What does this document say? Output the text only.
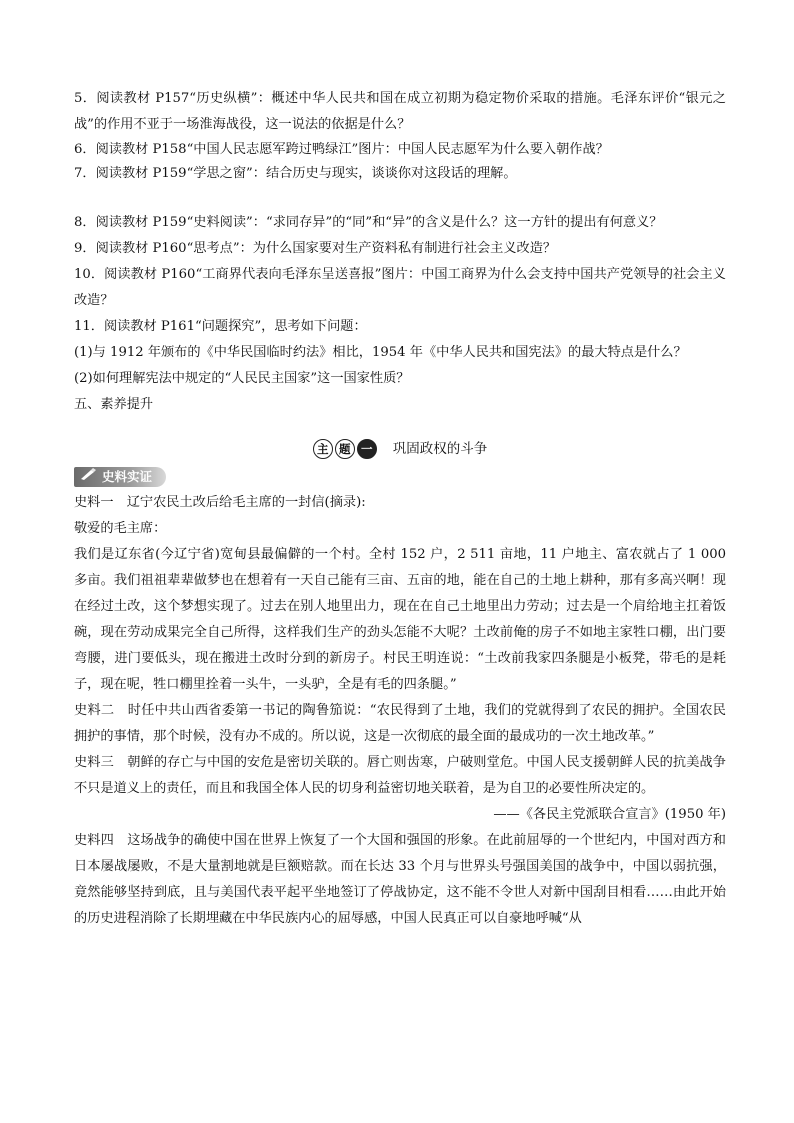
5．阅读教材 P157“历史纵横”：概述中华人民共和国在成立初期为稳定物价采取的措施。毛泽东评价“银元之战”的作用不亚于一场淮海战役，这一说法的依据是什么？

6．阅读教材 P158“中国人民志愿军跨过鸭绿江”图片：中国人民志愿军为什么要入朝作战？

7．阅读教材 P159“学思之窗”：结合历史与现实，谈谈你对这段话的理解。

8．阅读教材 P159“史料阅读”：“求同存异”的“同”和“异”的含义是什么？这一方针的提出有何意义？

9．阅读教材 P160“思考点”：为什么国家要对生产资料私有制进行社会主义改造？

10．阅读教材 P160“工商界代表向毛泽东呈送喜报”图片：中国工商界为什么会支持中国共产党领导的社会主义改造？

11．阅读教材 P161“问题探究”，思考如下问题：

(1)与 1912 年颁布的《中华民国临时约法》相比，1954 年《中华人民共和国宪法》的最大特点是什么？

(2)如何理解宪法中规定的“人民民主国家”这一国家性质？

五、素养提升

主 题 一	巩固政权的斗争
史料实证

史料一　辽宁农民土改后给毛主席的一封信(摘录):

敬爱的毛主席：

我们是辽东省(今辽宁省)宽甸县最偏僻的一个村。全村 152 户，2 511 亩地，11 户地主、富农就占了 1 000 多亩。我们祖祖辈辈做梦也在想着有一天自己能有三亩、五亩的地，能在自己的土地上耕种，那有多高兴啊！现在经过土改，这个梦想实现了。过去在别人地里出力，现在在自己土地里出力劳动；过去是一个肩给地主扛着饭碗，现在劳动成果完全自己所得，这样我们生产的劲头怎能不大呢？土改前俺的房子不如地主家牲口棚，出门要弯腰，进门要低头，现在搬进土改时分到的新房子。村民王明连说：“土改前我家四条腿是小板凳，带毛的是耗子，现在呢，牲口棚里拴着一头牛，一头驴，全是有毛的四条腿。”

史料二　时任中共山西省委第一书记的陶鲁笳说：“农民得到了土地，我们的党就得到了农民的拥护。全国农民拥护的事情，那个时候，没有办不成的。所以说，这是一次彻底的最全面的最成功的一次土地改革。”

史料三　朝鲜的存亡与中国的安危是密切关联的。唇亡则齿寒，户破则堂危。中国人民支援朝鲜人民的抗美战争不只是道义上的责任，而且和我国全体人民的切身利益密切地关联着，是为自卫的必要性所决定的。

——《各民主党派联合宣言》(1950 年)

史料四　这场战争的确使中国在世界上恢复了一个大国和强国的形象。在此前屈辱的一个世纪内，中国对西方和日本屡战屡败，不是大量割地就是巨额赔款。而在长达 33 个月与世界头号强国美国的战争中，中国以弱抗强，竟然能够坚持到底，且与美国代表平起平坐地签订了停战协定，这不能不令世人对新中国刮目相看……由此开始的历史进程消除了长期埋藏在中华民族内心的屈辱感，中国人民真正可以自豪地呼喊“从
